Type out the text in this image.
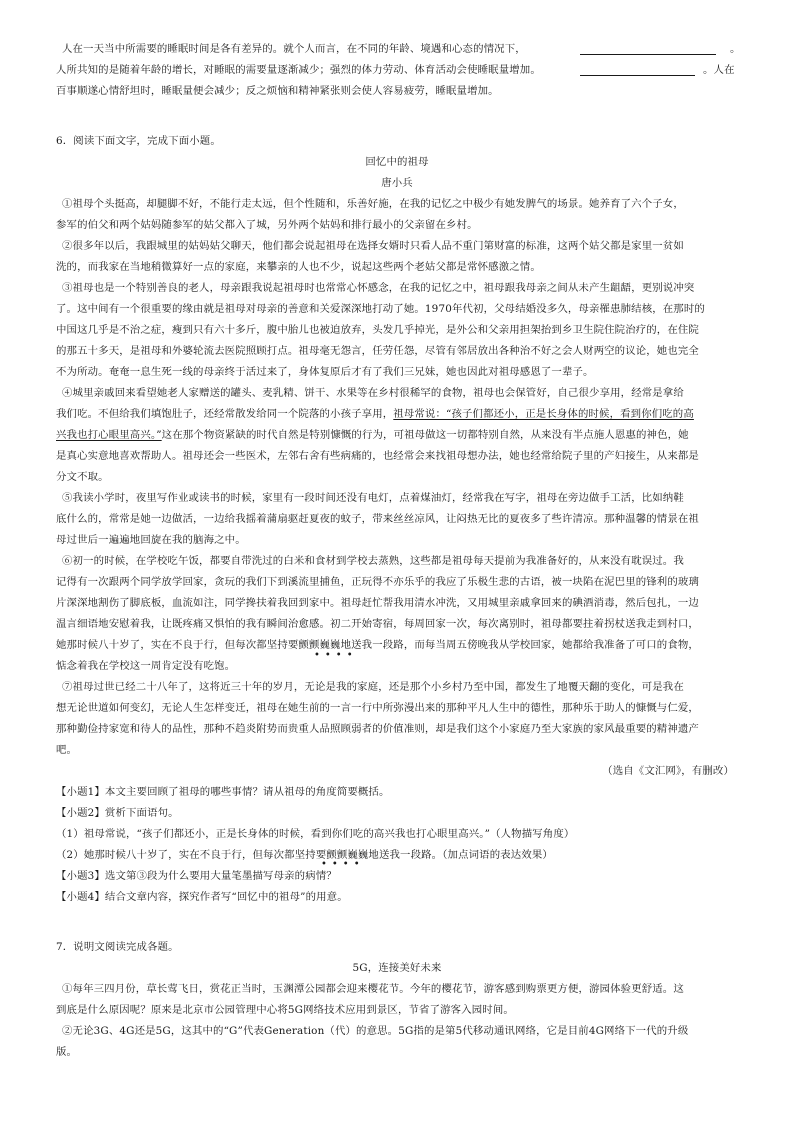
人在一天当中所需要的睡眠时间是各有差异的。就个人而言，在不同的年龄、境遇和心态的情况下，	。
人所共知的是随着年龄的增长，对睡眠的需要量逐渐减少；强烈的体力劳动、体育活动会使睡眠量增加。	。人在
百事顺遂心情舒坦时，睡眠量便会减少；反之烦恼和精神紧张则会使人容易疲劳，睡眠量增加。
6．阅读下面文字，完成下面小题。
回忆中的祖母
唐小兵
①祖母个头挺高，却腿脚不好，不能行走太远，但个性随和，乐善好施，在我的记忆之中极少有她发脾气的场景。她养育了六个子女，
参军的伯父和两个姑妈随参军的姑父都入了城，另外两个姑妈和排行最小的父亲留在乡村。
②很多年以后，我跟城里的姑妈姑父聊天，他们都会说起祖母在选择女婿时只看人品不重门第财富的标准，这两个姑父都是家里一贫如
洗的，而我家在当地稍微算好一点的家庭，来攀亲的人也不少，说起这些两个老姑父都是常怀感激之情。
③祖母也是一个特别善良的老人，母亲跟我说起祖母时也常常心怀感念，在我的记忆之中，祖母跟我母亲之间从未产生龃龉，更别说冲突
了。这中间有一个很重要的缘由就是祖母对母亲的善意和关爱深深地打动了她。1970年代初，父母结婚没多久，母亲罹患肺结核，在那时的
中国这几乎是不治之症，瘦到只有六十多斤，腹中胎儿也被迫放弃，头发几乎掉光，是外公和父亲用担架抬到乡卫生院住院治疗的，在住院
的那五十多天，是祖母和外婆轮流去医院照顾打点。祖母毫无怨言，任劳任怨，尽管有邻居放出各种治不好之会人财两空的议论，她也完全
不为所动。奄奄一息生死一线的母亲终于活过来了，身体复原后才有了我们三兄妹，她也因此对祖母感恩了一辈子。
④城里亲戚回来看望她老人家赠送的罐头、麦乳精、饼干、水果等在乡村很稀罕的食物，祖母也会保管好，自己很少享用，经常是拿给
我们吃。不但给我们填饱肚子，还经常散发给同一个院落的小孩子享用，祖母常说：“孩子们都还小，正是长身体的时候，看到你们吃的高
兴我也打心眼里高兴。”这在那个物资紧缺的时代自然是特别慷慨的行为，可祖母做这一切都特别自然，从来没有半点施人恩惠的神色，她
是真心实意地喜欢帮助人。祖母还会一些医术，左邻右舍有些病痛的，也经常会来找祖母想办法，她也经常给院子里的产妇接生，从来都是
分文不取。
⑤我读小学时，夜里写作业或读书的时候，家里有一段时间还没有电灯，点着煤油灯，经常我在写字，祖母在旁边做手工活，比如纳鞋
底什么的，常常是她一边做活，一边给我摇着蒲扇驱赶夏夜的蚊子，带来丝丝凉风，让闷热无比的夏夜多了些许清凉。那种温馨的情景在祖
母过世后一遍遍地回旋在我的脑海之中。
⑥初一的时候，在学校吃午饭，都要自带洗过的白米和食材到学校去蒸熟，这些都是祖母每天提前为我准备好的，从来没有耽误过。我
记得有一次跟两个同学放学回家，贪玩的我们下到溪流里捕鱼，正玩得不亦乐乎的我应了乐极生悲的古语，被一块陷在泥巴里的锋利的玻璃
片深深地割伤了脚底板，血流如注，同学搀扶着我回到家中。祖母赶忙帮我用清水冲洗，又用城里亲戚拿回来的碘酒消毒，然后包扎，一边
温言细语地安慰着我，让既疼痛又惧怕的我有瞬间治愈感。初二开始寄宿，每周回家一次，每次离别时，祖母都要拄着拐杖送我走到村口，
她那时候八十岁了，实在不良于行，但每次都坚持要颤颤巍巍地送我一段路，而每当周五傍晚我从学校回家，她都给我准备了可口的食物，
••••
惦念着我在学校这一周肯定没有吃饱。
⑦祖母过世已经二十八年了，这将近三十年的岁月，无论是我的家庭，还是那个小乡村乃至中国，都发生了地覆天翻的变化，可是我在
想无论世道如何变幻，无论人生怎样变迁，祖母在她生前的一言一行中所弥漫出来的那种平凡人生中的德性，那种乐于助人的慷慨与仁爱，
那种勤俭持家宽和待人的品性，那种不趋炎附势而贵重人品照顾弱者的价值准则，却是我们这个小家庭乃至大家族的家风最重要的精神遗产
吧。
（选自《文汇网》，有删改）
【小题1】本文主要回顾了祖母的哪些事情？请从祖母的角度简要概括。
【小题2】赏析下面语句。
（1）祖母常说，“孩子们都还小，正是长身体的时候，看到你们吃的高兴我也打心眼里高兴。”（人物描写角度）
（2）她那时候八十岁了，实在不良于行，但每次都坚持要颤颤巍巍地送我一段路。（加点词语的表达效果）
••••
【小题3】选文第③段为什么要用大量笔墨描写母亲的病情？
【小题4】结合文章内容，探究作者写“回忆中的祖母”的用意。
7．说明文阅读完成各题。
5G，连接美好未来
①每年三四月份，草长莺飞日，赏花正当时，玉渊潭公园都会迎来樱花节。今年的樱花节，游客感到购票更方便，游园体验更舒适。这
到底是什么原因呢？原来是北京市公园管理中心将5G网络技术应用到景区，节省了游客入园时间。
②无论3G、4G还是5G，这其中的“G”代表Generation（代）的意思。5G指的是第5代移动通讯网络，它是目前4G网络下一代的升级
版。
